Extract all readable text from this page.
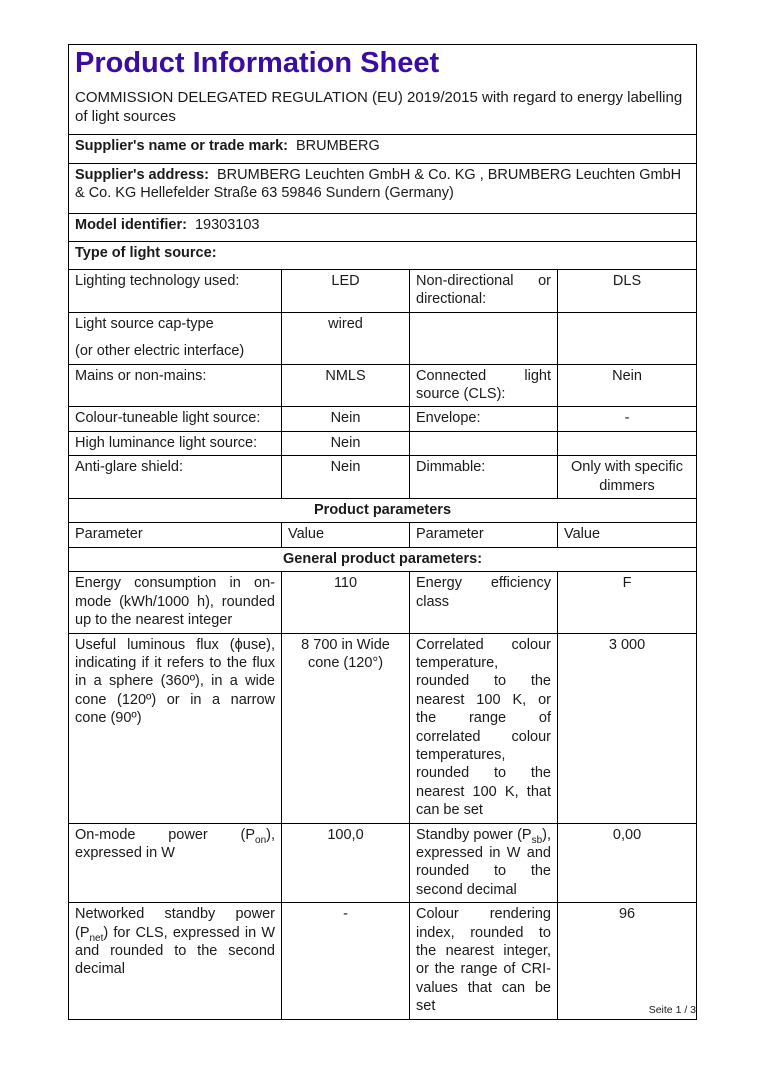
Product Information Sheet

COMMISSION DELEGATED REGULATION (EU) 2019/2015 with regard to energy labelling of light sources

Supplier's name or trade mark: BRUMBERG			
Supplier's address: BRUMBERG Leuchten GmbH & Co. KG , BRUMBERG Leuchten GmbH & Co. KG Hellefelder Straße 63 59846 Sundern (Germany)			
Model identifier: 19303103			
Type of light source:			
Lighting technology used:	LED	Non-directional or directional:	DLS

Light source cap-type
(or other electric interface)	wired		
Mains or non-mains:	NMLS	Connected light source (CLS):	Nein
Colour-tuneable light source:	Nein	Envelope:	-
High luminance light source:	Nein		
Anti-glare shield:	Nein	Dimmable:	Only with specific dimmers
Product parameters			
Parameter	Value	Parameter	Value
General product parameters:			
Energy consumption in on-mode (kWh/1000 h), rounded up to the nearest integer	110	Energy efficiency class	F
Useful luminous flux (ϕuse), indicating if it refers to the flux in a sphere (360º), in a wide cone (120º) or in a narrow cone (90º)	8 700 in Wide cone (120°)	Correlated colour temperature, rounded to the nearest 100 K, or the range of correlated colour temperatures, rounded to the nearest 100 K, that can be set	3 000
On-mode power $(P_{on})$, expressed in W	100,0	Standby power $(P_{sb})$, expressed in W and rounded to the second decimal	0,00
Networked standby power $(P_{net})$ for CLS, expressed in W and rounded to the second decimal	-	Colour rendering index, rounded to the nearest integer, or the range of CRI-values that can be set	96
Seite 1 / 3
